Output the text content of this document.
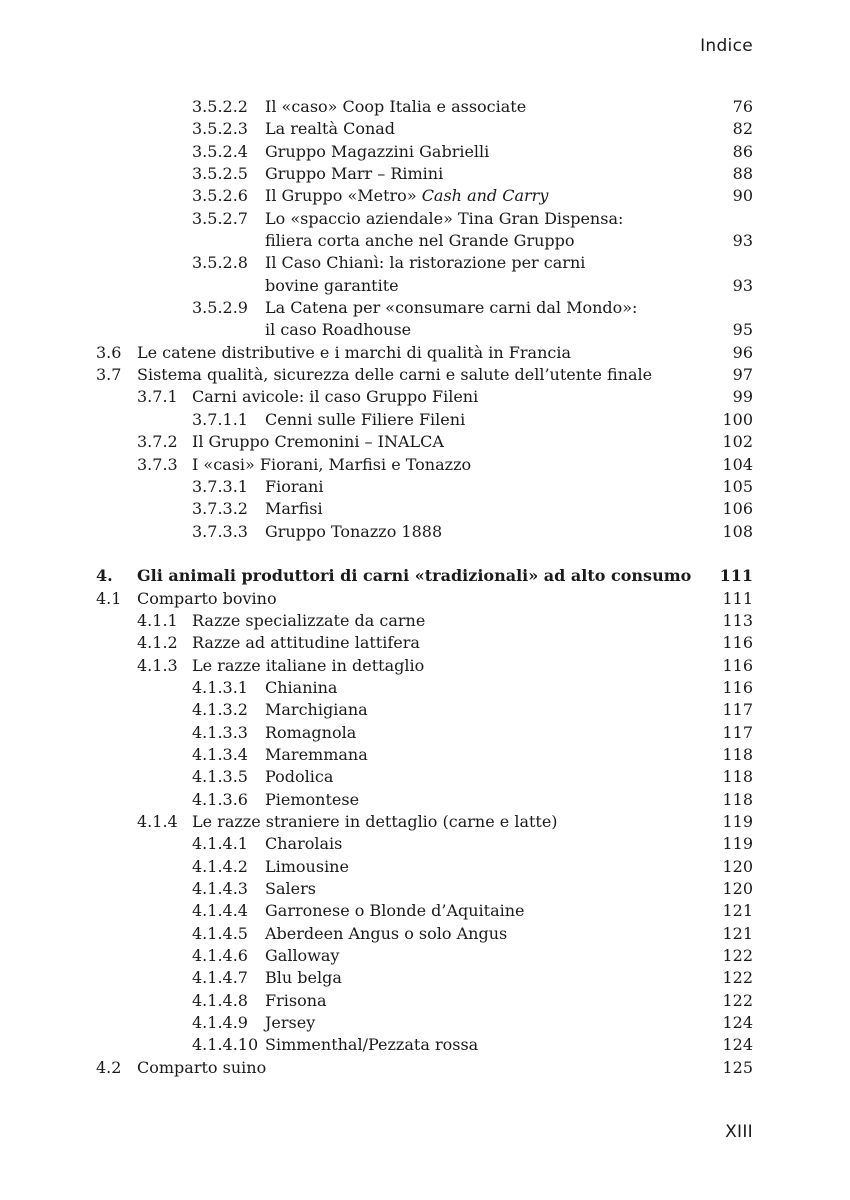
Indice
3.5.2.2 Il «caso» Coop Italia e associate	76
3.5.2.3 La realtà Conad	82
3.5.2.4 Gruppo Magazzini Gabrielli	86
3.5.2.5 Gruppo Marr – Rimini	88
3.5.2.6 Il Gruppo «Metro» Cash and Carry	90
3.5.2.7 Lo «spaccio aziendale» Tina Gran Dispensa:
filiera corta anche nel Grande Gruppo	93
3.5.2.8 Il Caso Chianì: la ristorazione per carni
bovine garantite	93
3.5.2.9 La Catena per «consumare carni dal Mondo»:
il caso Roadhouse	95
3.6 Le catene distributive e i marchi di qualità in Francia	96
3.7 Sistema qualità, sicurezza delle carni e salute dell’utente finale	97
3.7.1 Carni avicole: il caso Gruppo Fileni	99
3.7.1.1 Cenni sulle Filiere Fileni	100
3.7.2 Il Gruppo Cremonini – INALCA	102
3.7.3 I «casi» Fiorani, Marfisi e Tonazzo	104
3.7.3.1 Fiorani	105
3.7.3.2 Marfisi	106
3.7.3.3 Gruppo Tonazzo 1888	108
4. Gli animali produttori di carni «tradizionali» ad alto consumo 111
4.1 Comparto bovino	111
4.1.1 Razze specializzate da carne	113
4.1.2 Razze ad attitudine lattifera	116
4.1.3 Le razze italiane in dettaglio	116
4.1.3.1 Chianina	116
4.1.3.2 Marchigiana	117
4.1.3.3 Romagnola	117
4.1.3.4 Maremmana	118
4.1.3.5 Podolica	118
4.1.3.6 Piemontese	118
4.1.4 Le razze straniere in dettaglio (carne e latte)	119
4.1.4.1 Charolais	119
4.1.4.2 Limousine	120
4.1.4.3 Salers	120
4.1.4.4 Garronese o Blonde d’Aquitaine	121
4.1.4.5 Aberdeen Angus o solo Angus	121
4.1.4.6 Galloway	122
4.1.4.7 Blu belga	122
4.1.4.8 Frisona	122
4.1.4.9 Jersey	124
4.1.4.10 Simmenthal/Pezzata rossa	124
4.2 Comparto suino	125
XIII
